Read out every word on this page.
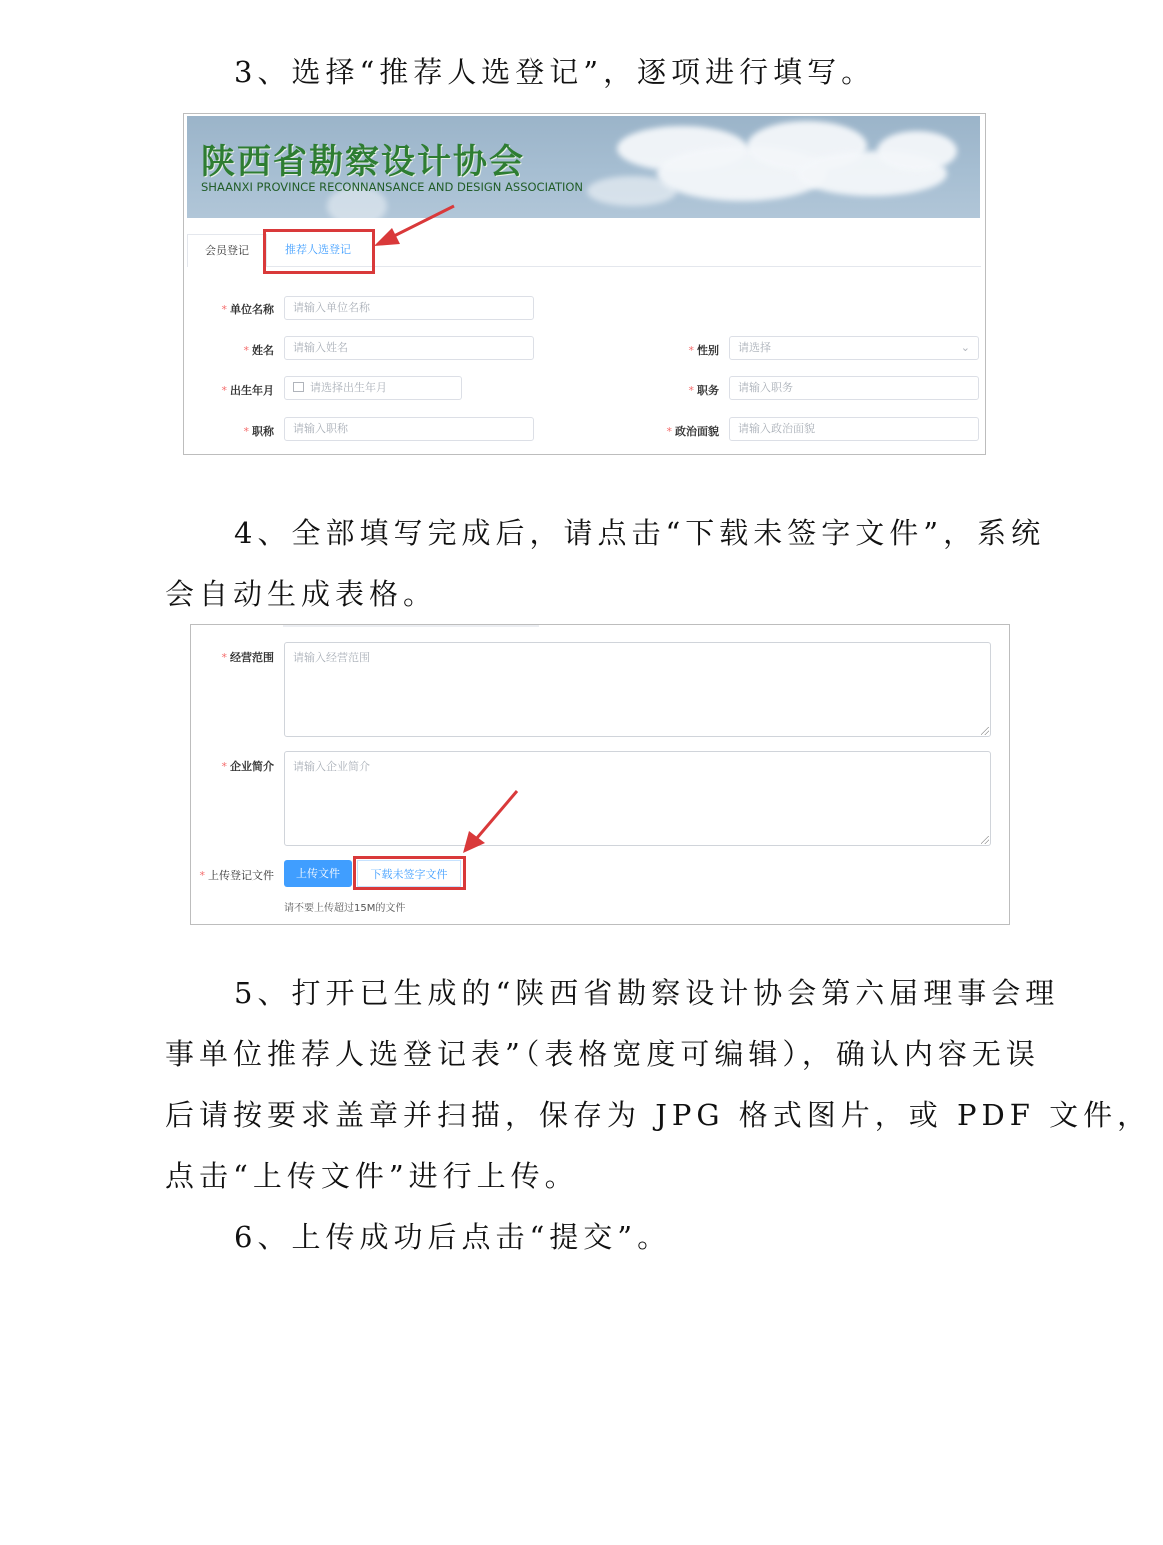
3、选择“推荐人选登记”，逐项进行填写。

陕西省勘察设计协会
SHAANXI PROVINCE RECONNANSANCE AND DESIGN ASSOCIATION
会员登记	推荐人选登记
* 单位名称	请输入单位名称
* 姓名	请输入姓名	* 性别	请选择	⌄
* 出生年月	请选择出生年月	* 职务	请输入职务
* 职称	请输入职称	* 政治面貌	请输入政治面貌

4、全部填写完成后，请点击“下载未签字文件”，系统

会自动生成表格。

* 经营范围	请输入经营范围
* 企业简介	请输入企业简介
* 上传登记文件	上传文件	下载未签字文件
请不要上传超过15M的文件

5、打开已生成的“陕西省勘察设计协会第六届理事会理

事单位推荐人选登记表”（表格宽度可编辑），确认内容无误

后请按要求盖章并扫描，保存为 JPG 格式图片，或 PDF 文件，

点击“上传文件”进行上传。

6、上传成功后点击“提交”。
